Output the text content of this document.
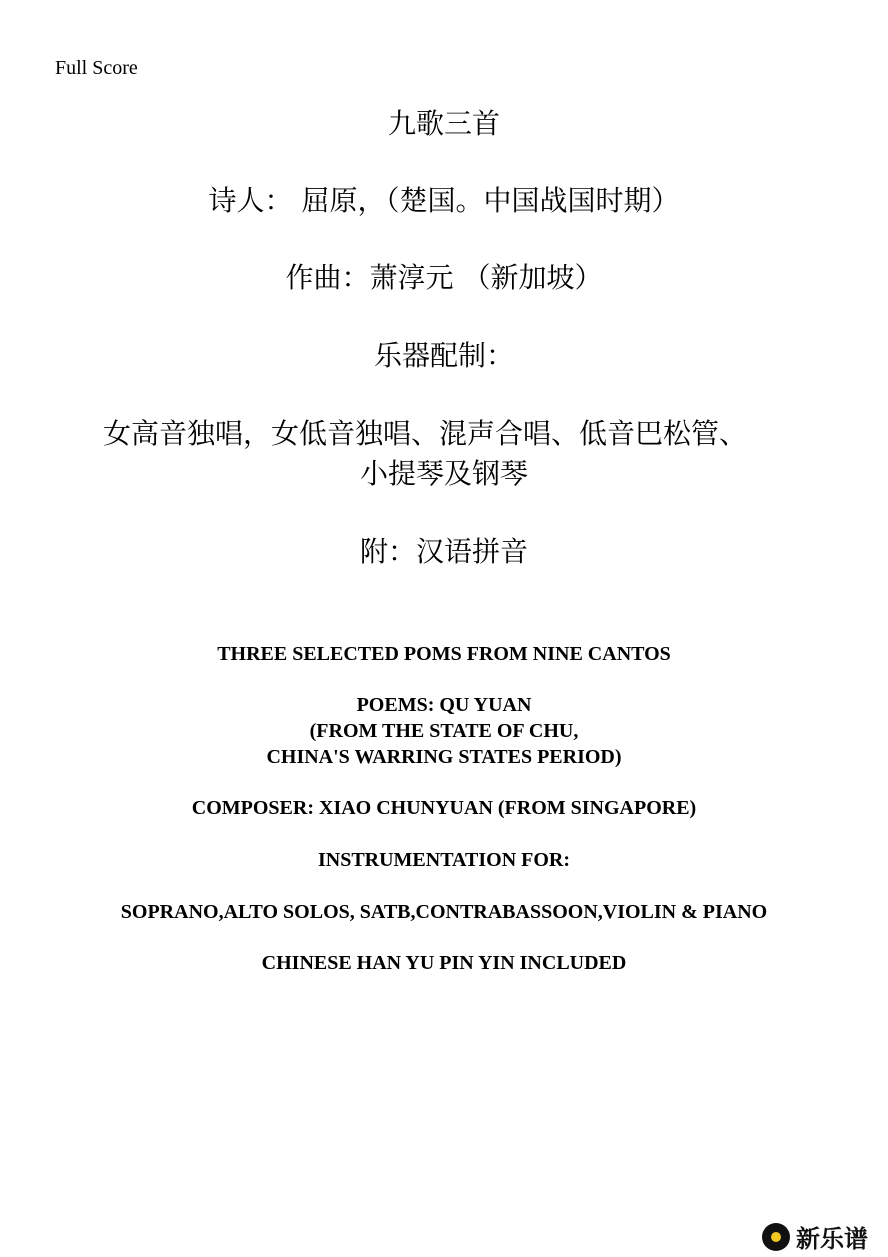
Full Score
九歌三首
诗人： 屈原，（楚国。中国战国时期）
作曲：萧淳元 （新加坡）
乐器配制：
女高音独唱，女低音独唱、混声合唱、低音巴松管、
小提琴及钢琴
附：汉语拼音
THREE SELECTED POMS FROM NINE CANTOS
POEMS: QU YUAN
(FROM THE STATE OF CHU,
CHINA'S WARRING STATES PERIOD)
COMPOSER: XIAO CHUNYUAN (FROM SINGAPORE)
INSTRUMENTATION FOR:
SOPRANO,ALTO SOLOS, SATB,CONTRABASSOON,VIOLIN & PIANO
CHINESE HAN YU PIN YIN INCLUDED
新乐谱
